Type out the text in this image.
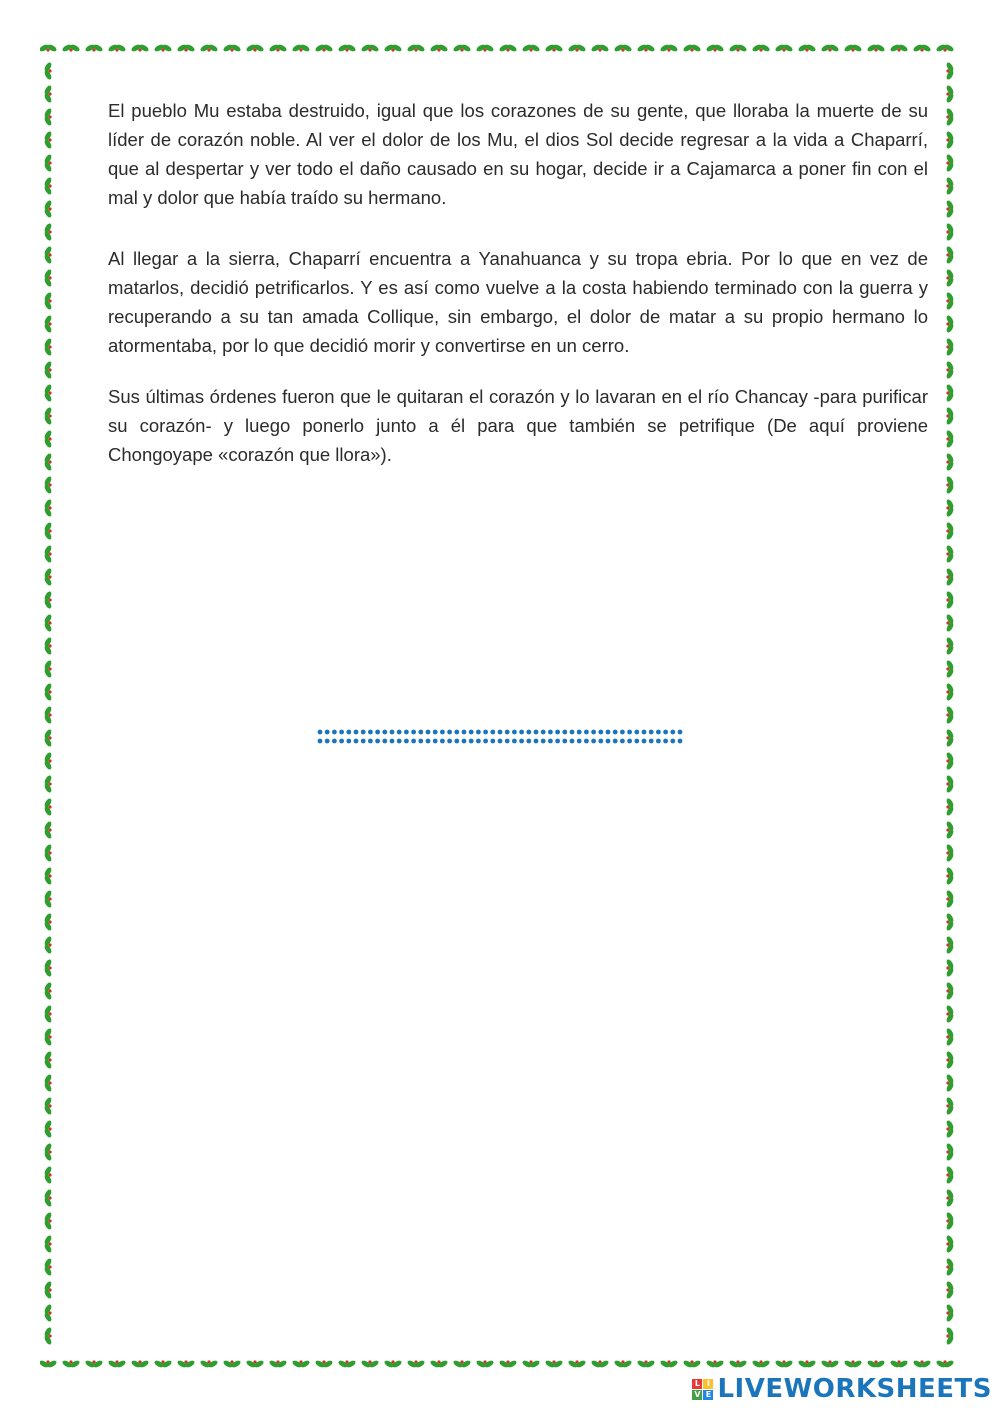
El pueblo Mu estaba destruido, igual que los corazones de su gente, que lloraba la muerte de su líder de corazón noble. Al ver el dolor de los Mu, el dios Sol decide regresar a la vida a Chaparrí, que al despertar y ver todo el daño causado en su hogar, decide ir a Cajamarca a poner fin con el mal y dolor que había traído su hermano.

Al llegar a la sierra, Chaparrí encuentra a Yanahuanca y su tropa ebria. Por lo que en vez de matarlos, decidió petrificarlos. Y es así como vuelve a la costa habiendo terminado con la guerra y recuperando a su tan amada Collique, sin embargo, el dolor de matar a su propio hermano lo atormentaba, por lo que decidió morir y convertirse en un cerro.

Sus últimas órdenes fueron que le quitaran el corazón y lo lavaran en el río Chancay -para purificar su corazón- y luego ponerlo junto a él para que también se petrifique (De aquí proviene Chongoyape «corazón que llora»).

L I
V E LIVEWORKSHEETS
